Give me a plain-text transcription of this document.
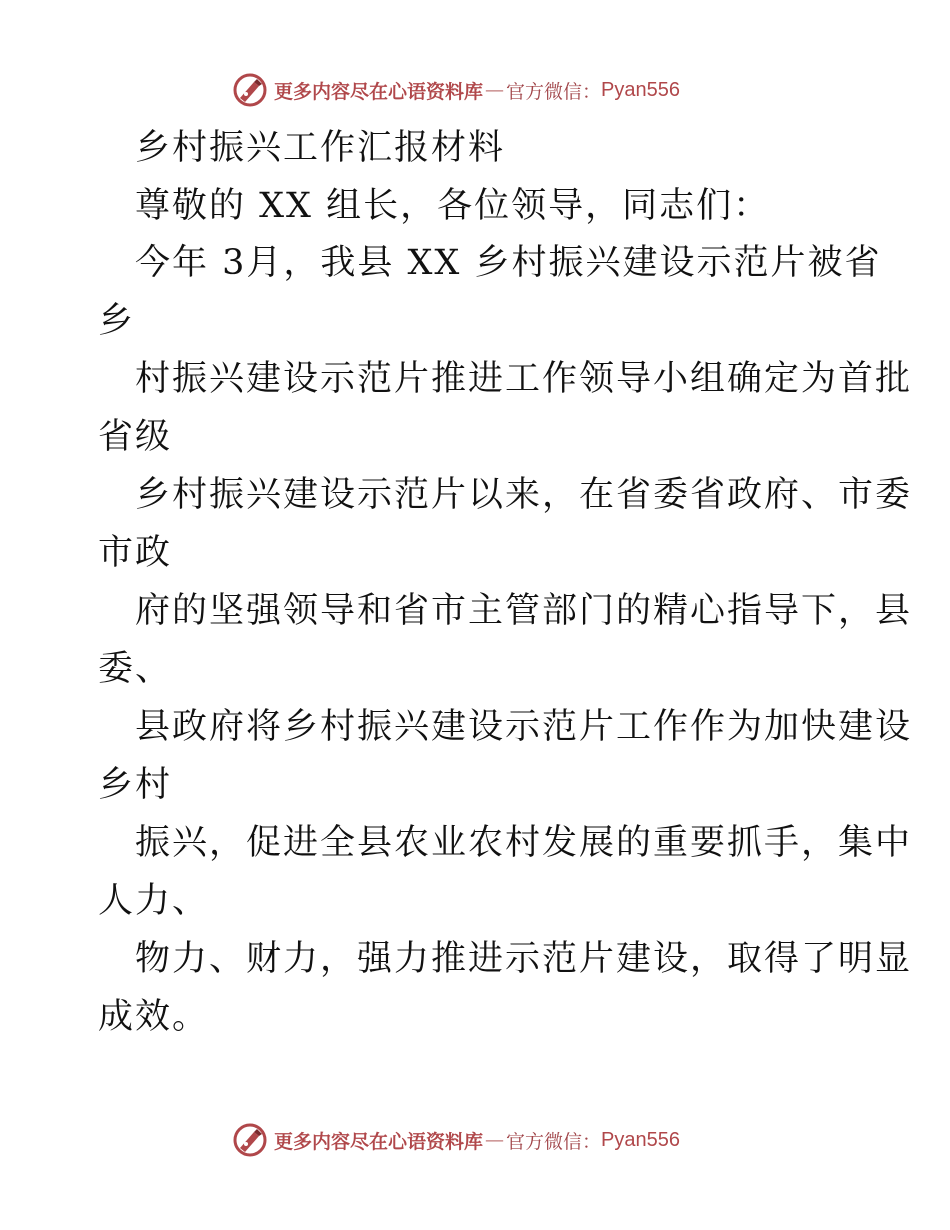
更多内容尽在心语资料库 — 官方微信： Pyan556
乡村振兴工作汇报材料
尊敬的 XX 组长，各位领导，同志们：
今年 3月，我县 XX 乡村振兴建设示范片被省
乡
村振兴建设示范片推进工作领导小组确定为首批
省级
乡村振兴建设示范片以来，在省委省政府、市委
市政
府的坚强领导和省市主管部门的精心指导下，县
委、
县政府将乡村振兴建设示范片工作作为加快建设
乡村
振兴，促进全县农业农村发展的重要抓手，集中
人力、
物力、财力，强力推进示范片建设，取得了明显
成效。
更多内容尽在心语资料库 — 官方微信： Pyan556
